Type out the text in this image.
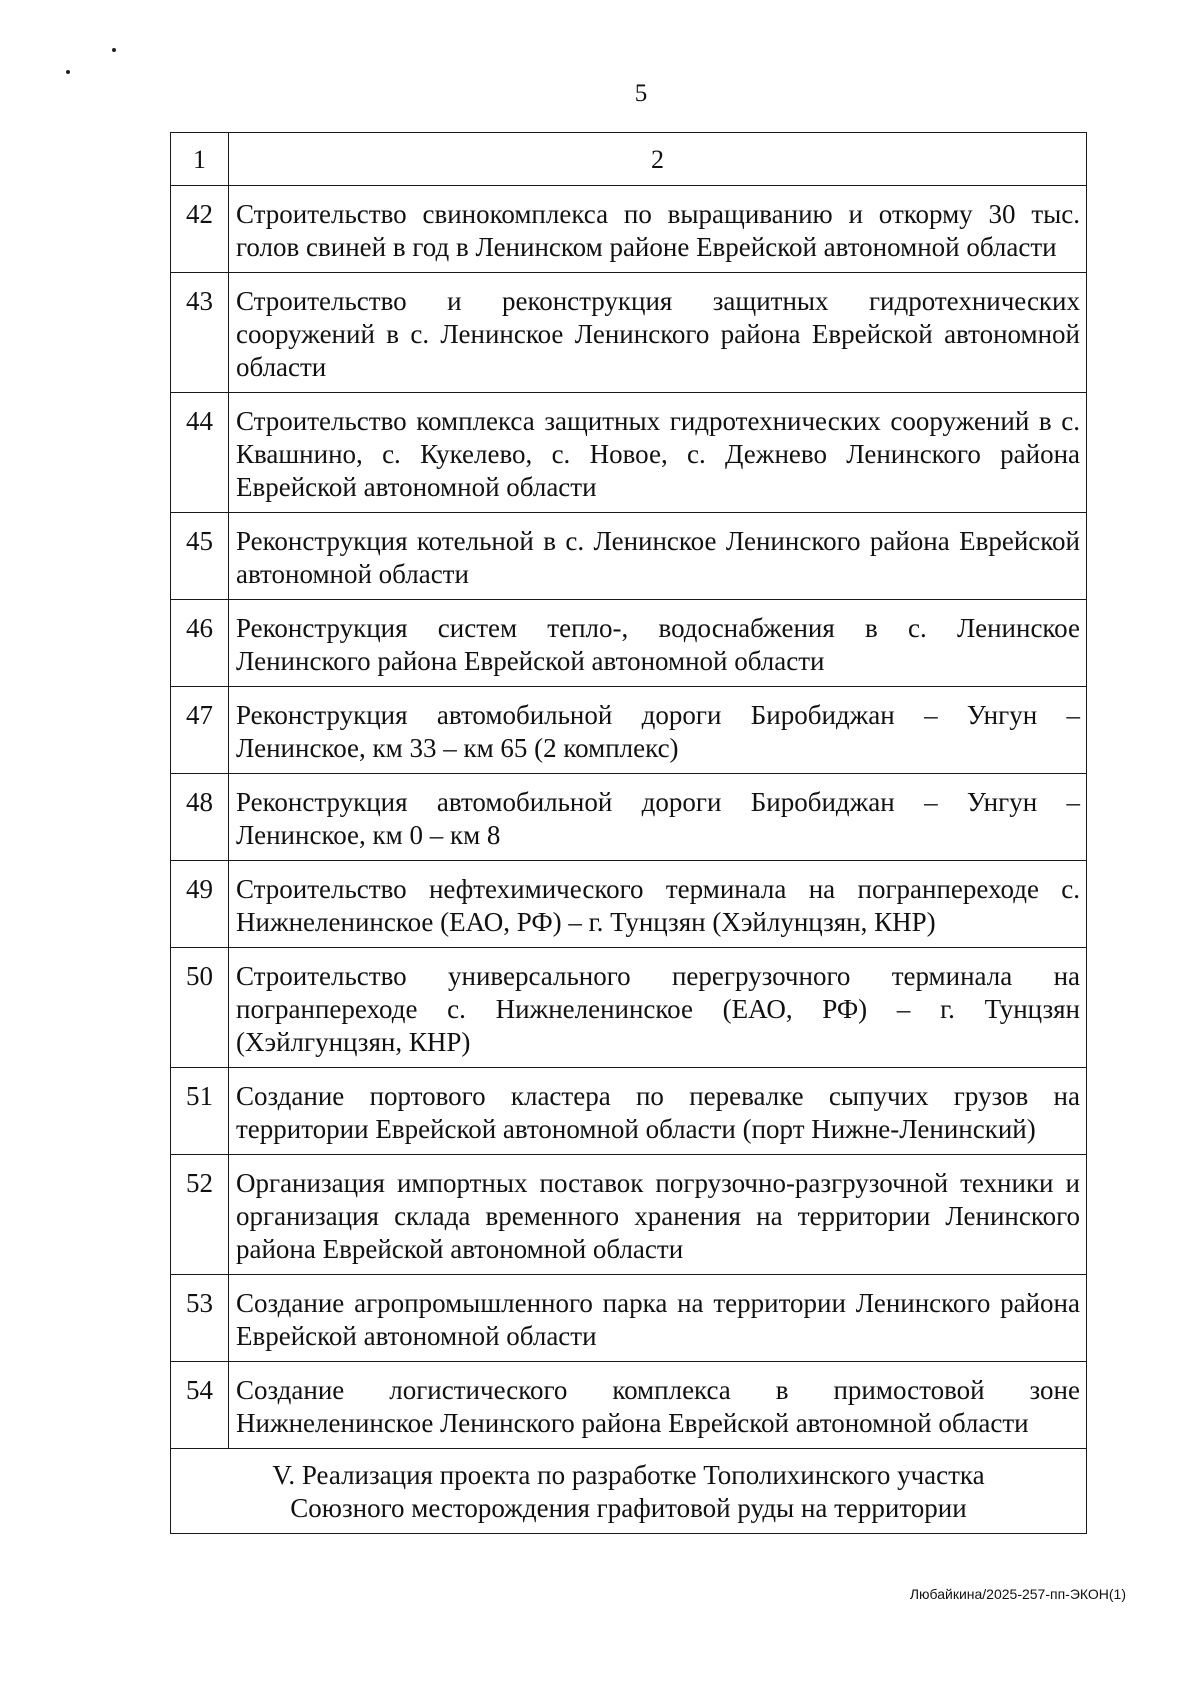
5
1	2
42	Строительство свинокомплекса по выращиванию и откорму 30 тыс. голов свиней в год в Ленинском районе Еврейской автономной области
43	Строительство и реконструкция защитных гидротехнических сооружений в с. Ленинское Ленинского района Еврейской автономной области
44	Строительство комплекса защитных гидротехнических сооружений в с. Квашнино, с. Кукелево, с. Новое, с. Дежнево Ленинского района Еврейской автономной области
45	Реконструкция котельной в с. Ленинское Ленинского района Еврейской автономной области
46	Реконструкция систем тепло-, водоснабжения в с. Ленинское Ленинского района Еврейской автономной области
47	Реконструкция автомобильной дороги Биробиджан – Унгун – Ленинское, км 33 – км 65 (2 комплекс)
48	Реконструкция автомобильной дороги Биробиджан – Унгун – Ленинское, км 0 – км 8
49	Строительство нефтехимического терминала на погранпереходе с. Нижнеленинское (ЕАО, РФ) – г. Тунцзян (Хэйлунцзян, КНР)
50	Строительство универсального перегрузочного терминала на погранпереходе с. Нижнеленинское (ЕАО, РФ) – г. Тунцзян (Хэйлгунцзян, КНР)
51	Создание портового кластера по перевалке сыпучих грузов на территории Еврейской автономной области (порт Нижне-Ленинский)
52	Организация импортных поставок погрузочно-разгрузочной техники и организация склада временного хранения на территории Ленинского района Еврейской автономной области
53	Создание агропромышленного парка на территории Ленинского района Еврейской автономной области
54	Создание логистического комплекса в примостовой зоне Нижнеленинское Ленинского района Еврейской автономной области

V. Реализация проекта по разработке Тополихинского участка
Союзного месторождения графитовой руды на территории	
Любайкина/2025-257-пп-ЭКОН(1)
